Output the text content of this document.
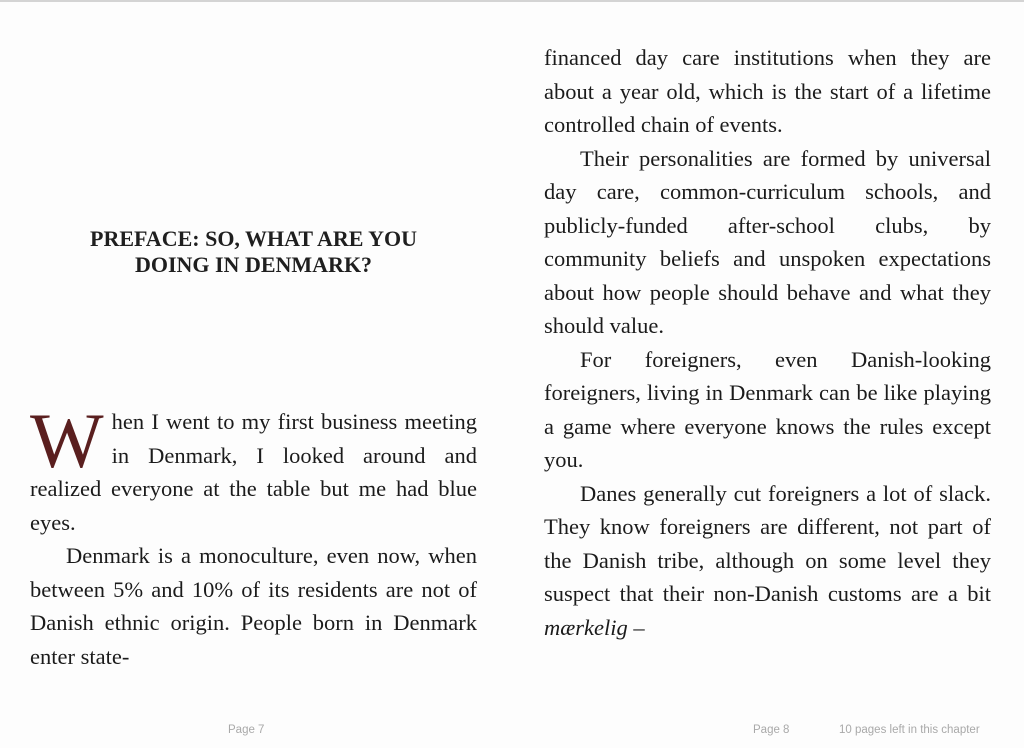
PREFACE: SO, WHAT ARE YOU
DOING IN DENMARK?

When I went to my first business meeting in Denmark, I looked around and realized everyone at the table but me had blue eyes.

Denmark is a monoculture, even now, when between 5% and 10% of its residents are not of Danish ethnic origin. People born in Denmark enter state-

Page 7

financed day care institutions when they are about a year old, which is the start of a lifetime controlled chain of events.

Their personalities are formed by universal day care, common-curriculum schools, and publicly-funded after-school clubs, by community beliefs and unspoken expectations about how people should behave and what they should value.

For foreigners, even Danish-looking foreigners, living in Denmark can be like playing a game where everyone knows the rules except you.

Danes generally cut foreigners a lot of slack. They know foreigners are different, not part of the Danish tribe, although on some level they suspect that their non-Danish customs are a bit mærkelig –

Page 8	10 pages left in this chapter
